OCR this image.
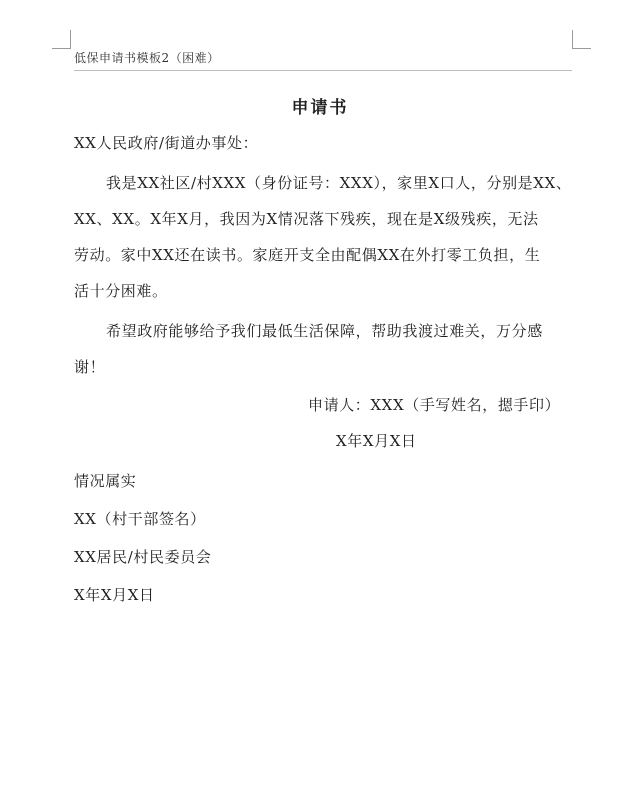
低保申请书模板2（困难）
申请书
XX人民政府/街道办事处：
我是XX社区/村XXX（身份证号：XXX），家里X口人，分别是XX、
XX、XX。X年X月，我因为X情况落下残疾，现在是X级残疾，无法
劳动。家中XX还在读书。家庭开支全由配偶XX在外打零工负担，生
活十分困难。
希望政府能够给予我们最低生活保障，帮助我渡过难关，万分感
谢！
申请人：XXX（手写姓名，摁手印）
X年X月X日
情况属实
XX（村干部签名）
XX居民/村民委员会
X年X月X日
